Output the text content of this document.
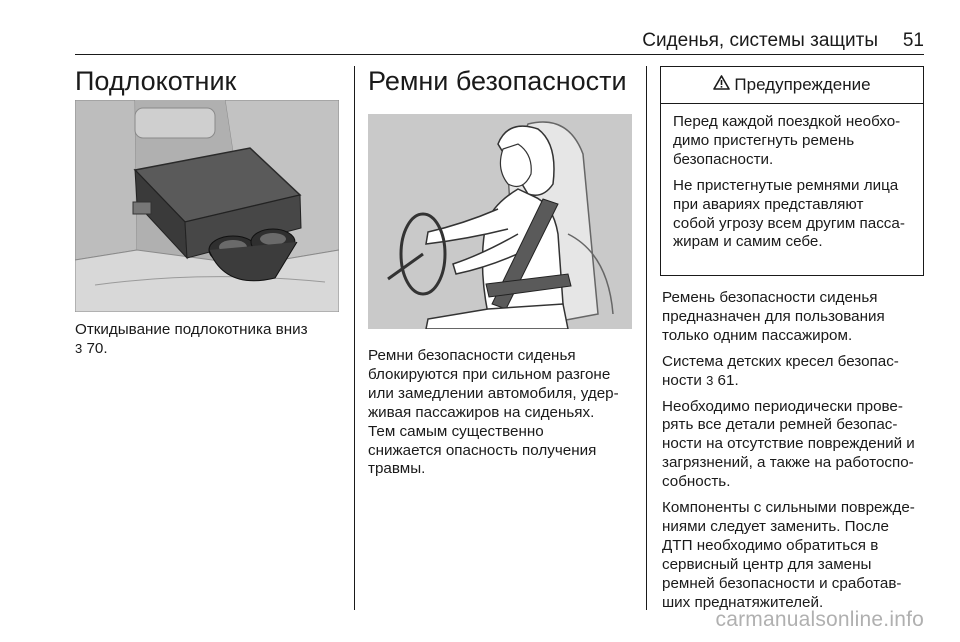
Сиденья, системы защиты 51
Подлокотник
Откидывание подлокотника вниз
3 70.
Ремни безопасности
Ремни безопасности сиденья
блокируются при сильном разгоне
или замедлении автомобиля, удер-
живая пассажиров на сиденьях.
Тем самым существенно
снижается опасность получения
травмы.
Предупреждение

Перед каждой поездкой необхо-
димо пристегнуть ремень
безопасности.

Не пристегнутые ремнями лица
при авариях представляют
собой угрозу всем другим пасса-
жирам и самим себе.

Ремень безопасности сиденья
предназначен для пользования
только одним пассажиром.

Система детских кресел безопас-
ности 3 61.

Необходимо периодически прове-
рять все детали ремней безопас-
ности на отсутствие повреждений и
загрязнений, а также на работоспо-
собность.

Компоненты с сильными поврежде-
ниями следует заменить. После
ДТП необходимо обратиться в
сервисный центр для замены
ремней безопасности и сработав-
ших преднатяжителей.

carmanualsonline.info
